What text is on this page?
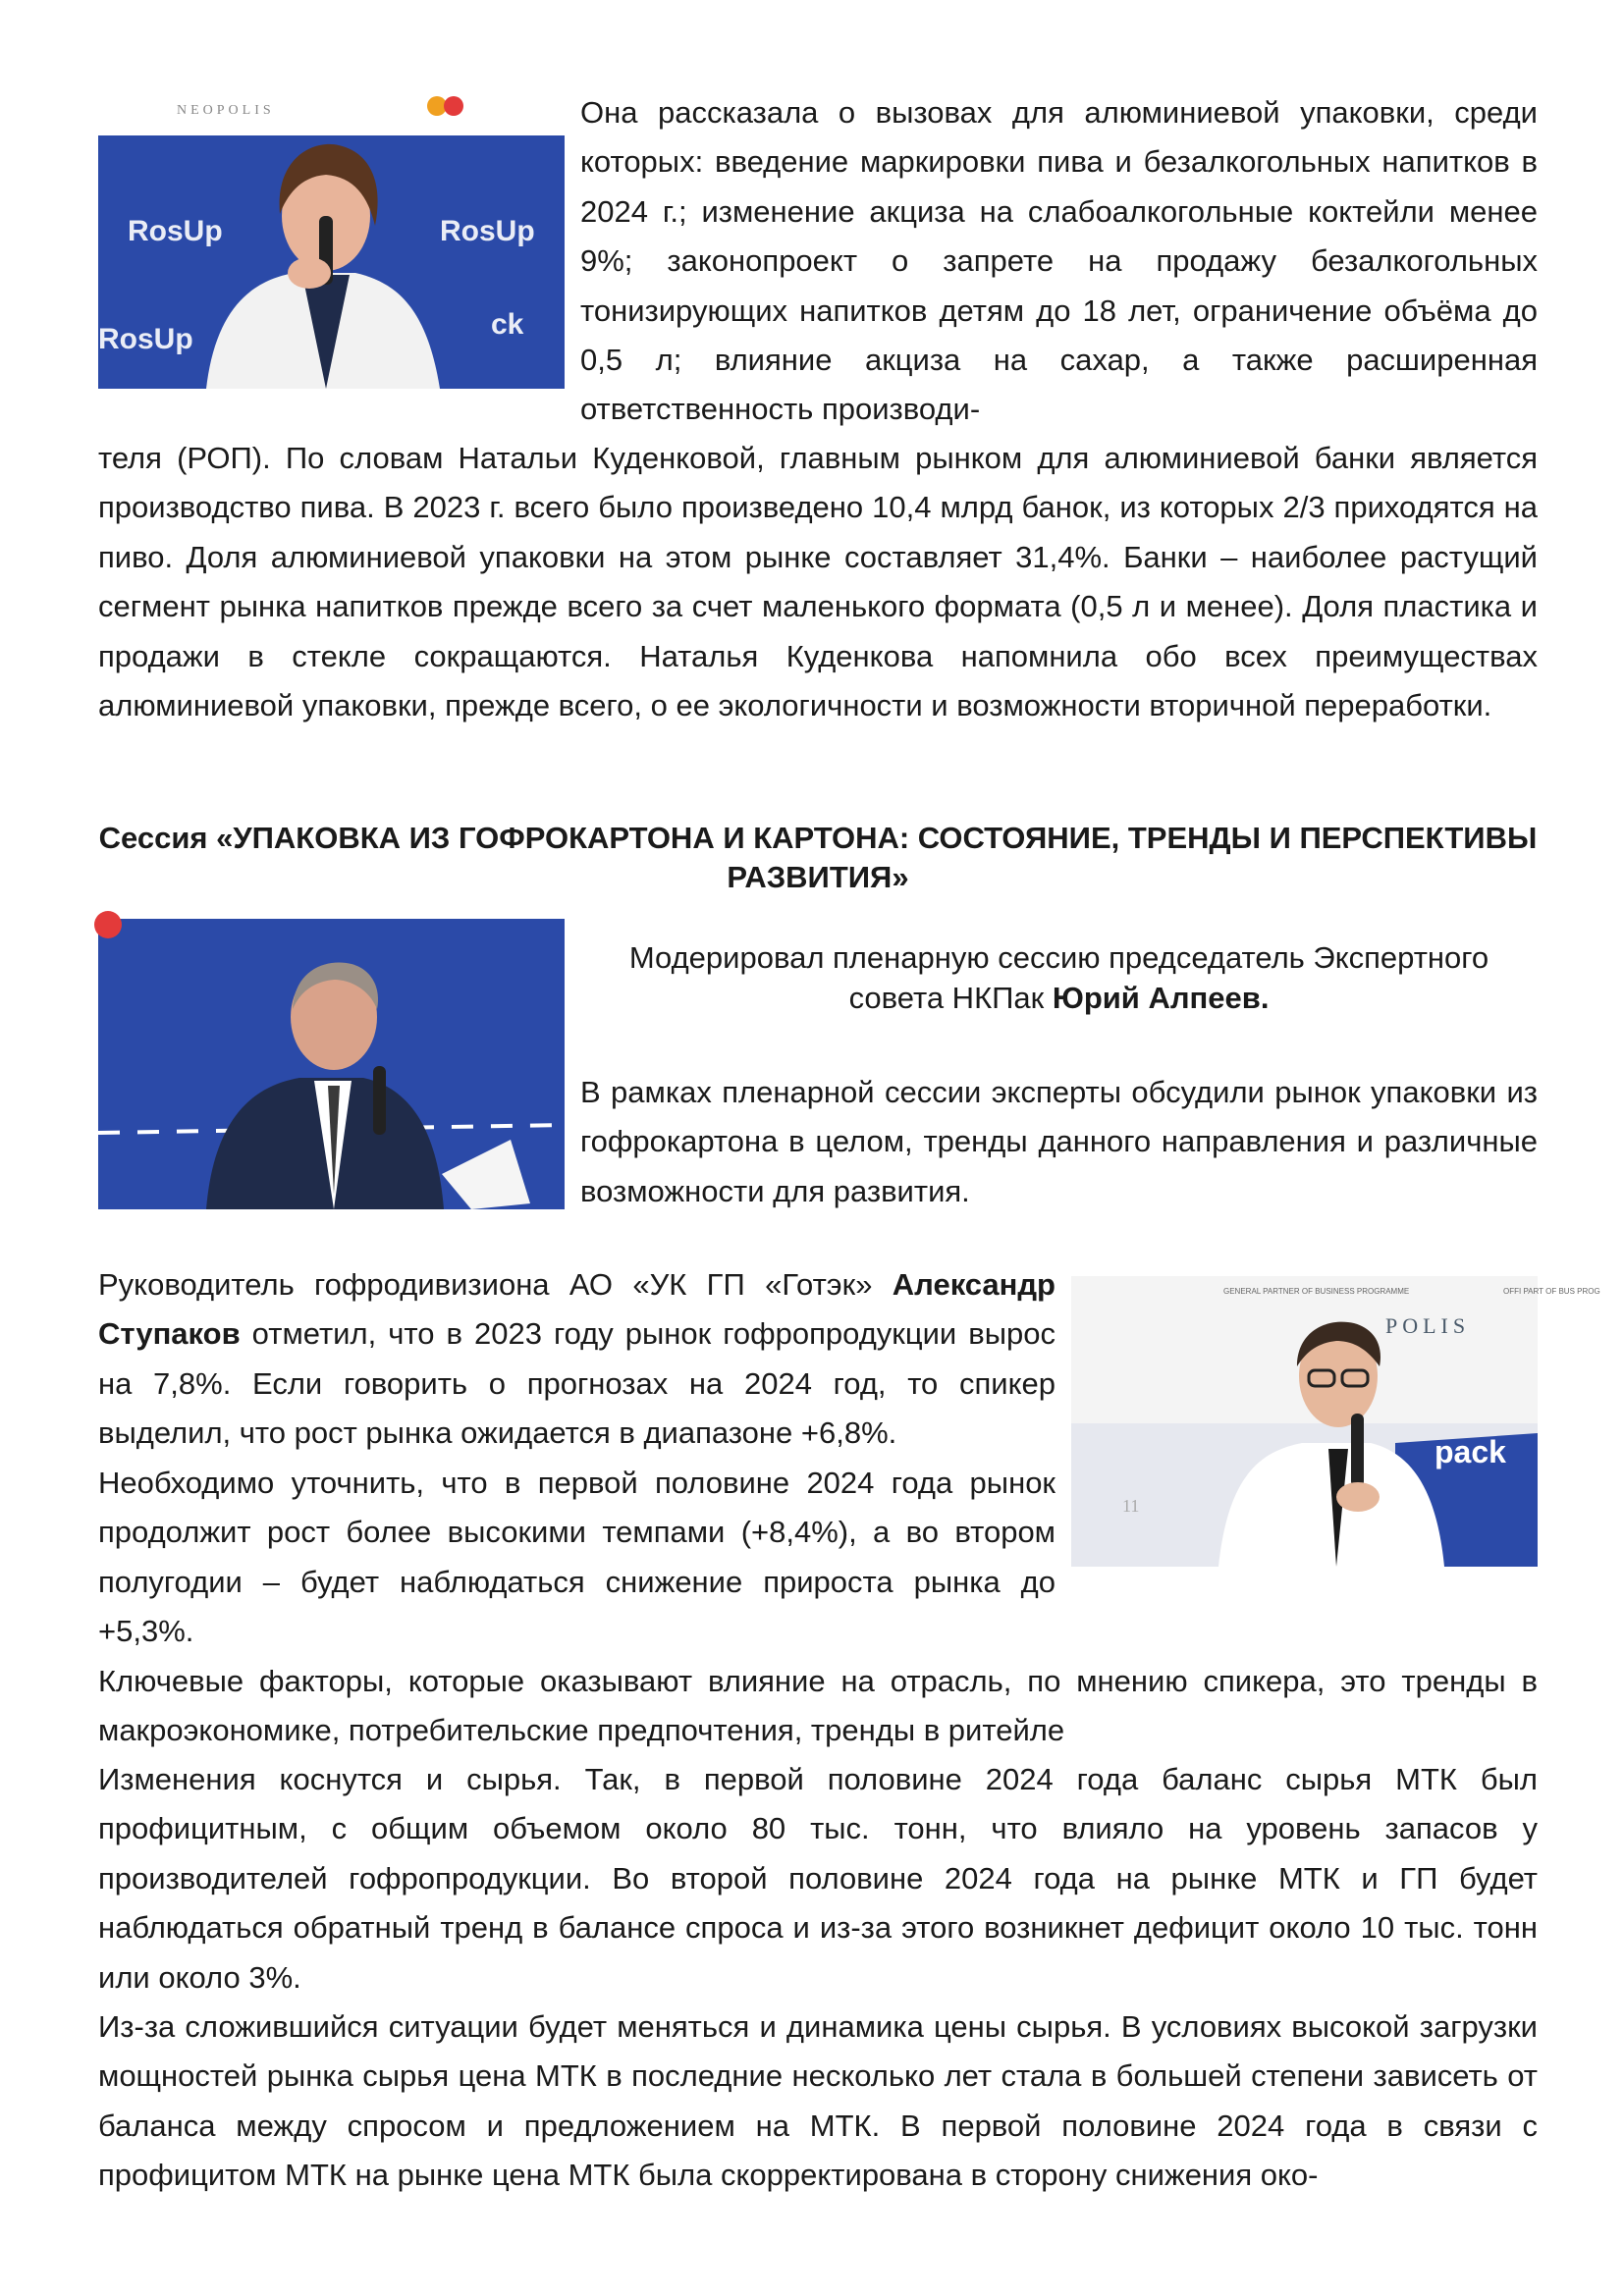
NEOPOLIS
RosUp	RosUp
RosUp	ck

Она рассказала о вызовах для алюминиевой упаковки, среди которых: введение маркировки пива и безалкогольных напитков в 2024 г.; изменение акциза на слабоалкогольные коктейли менее 9%; законопроект о запрете на продажу безалкогольных тонизирующих напитков детям до 18 лет, ограничение объёма до 0,5 л; влияние акциза на сахар, а также расширенная ответственность производи-

теля (РОП). По словам Натальи Куденковой, главным рынком для алюминиевой банки является производство пива. В 2023 г. всего было произведено 10,4 млрд банок, из которых 2/3 приходятся на пиво. Доля алюминиевой упаковки на этом рынке составляет 31,4%. Банки – наиболее растущий сегмент рынка напитков прежде всего за счет маленького формата (0,5 л и менее). Доля пластика и продажи в стекле сокращаются. Наталья Куденкова напомнила обо всех преимуществах алюминиевой упаковки, прежде всего, о ее экологичности и возможности вторичной переработки.

Сессия «УПАКОВКА ИЗ ГОФРОКАРТОНА И КАРТОНА: СОСТОЯНИЕ, ТРЕНДЫ И ПЕРСПЕКТИВЫ РАЗВИТИЯ»

Модерировал пленарную сессию председатель Экспертного совета НКПак Юрий Алпеев.

В рамках пленарной сессии эксперты обсудили рынок упаковки из гофрокартона в целом, тренды данного направления и различные возможности для развития.

Руководитель гофродивизиона АО «УК ГП «Готэк» Александр Ступаков отметил, что в 2023 году рынок гофропродукции вырос на 7,8%. Если говорить о прогнозах на 2024 год, то спикер выделил, что рост рынка ожидается в диапазоне +6,8%.

GENERAL PARTNER OF BUSINESS PROGRAMME
POLIS
OFFI PART OF BUS PROG
pack
11

Необходимо уточнить, что в первой половине 2024 года рынок продолжит рост более высокими темпами (+8,4%), а во втором полугодии – будет наблюдаться снижение прироста рынка до +5,3%.

Ключевые факторы, которые оказывают влияние на отрасль, по мнению спикера, это тренды в макроэкономике, потребительские предпочтения, тренды в ритейле

Изменения коснутся и сырья. Так, в первой половине 2024 года баланс сырья МТК был профицитным, с общим объемом около 80 тыс. тонн, что влияло на уровень запасов у производителей гофропродукции. Во второй половине 2024 года на рынке МТК и ГП будет наблюдаться обратный тренд в балансе спроса и из-за этого возникнет дефицит около 10 тыс. тонн или около 3%.

Из-за сложившийся ситуации будет меняться и динамика цены сырья. В условиях высокой загрузки мощностей рынка сырья цена МТК в последние несколько лет стала в большей степени зависеть от баланса между спросом и предложением на МТК. В первой половине 2024 года в связи с профицитом МТК на рынке цена МТК была скорректирована в сторону снижения око-
